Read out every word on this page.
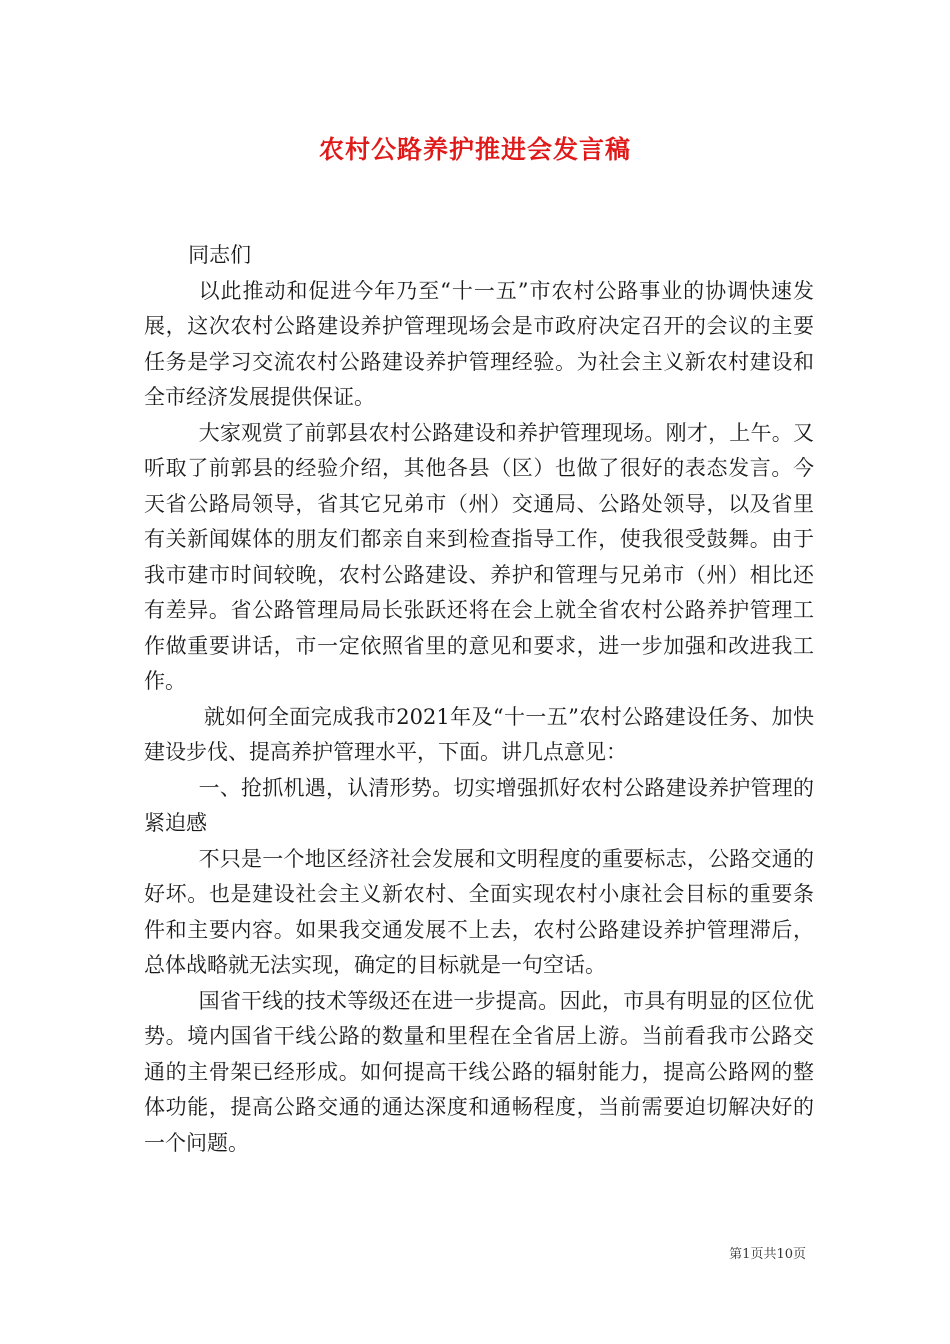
农村公路养护推进会发言稿

同志们

以此推动和促进今年乃至“十一五”市农村公路事业的协调快速发展，这次农村公路建设养护管理现场会是市政府决定召开的会议的主要任务是学习交流农村公路建设养护管理经验。为社会主义新农村建设和全市经济发展提供保证。

大家观赏了前郭县农村公路建设和养护管理现场。刚才，上午。又听取了前郭县的经验介绍，其他各县（区）也做了很好的表态发言。今天省公路局领导，省其它兄弟市（州）交通局、公路处领导，以及省里有关新闻媒体的朋友们都亲自来到检查指导工作，使我很受鼓舞。由于我市建市时间较晚，农村公路建设、养护和管理与兄弟市（州）相比还有差异。省公路管理局局长张跃还将在会上就全省农村公路养护管理工作做重要讲话，市一定依照省里的意见和要求，进一步加强和改进我工作。

就如何全面完成我市2021年及“十一五”农村公路建设任务、加快建设步伐、提高养护管理水平，下面。讲几点意见：

一、抢抓机遇，认清形势。切实增强抓好农村公路建设养护管理的紧迫感

不只是一个地区经济社会发展和文明程度的重要标志，公路交通的好坏。也是建设社会主义新农村、全面实现农村小康社会目标的重要条件和主要内容。如果我交通发展不上去，农村公路建设养护管理滞后，总体战略就无法实现，确定的目标就是一句空话。

国省干线的技术等级还在进一步提高。因此，市具有明显的区位优势。境内国省干线公路的数量和里程在全省居上游。当前看我市公路交通的主骨架已经形成。如何提高干线公路的辐射能力，提高公路网的整体功能，提高公路交通的通达深度和通畅程度，当前需要迫切解决好的一个问题。

第1页共10页
